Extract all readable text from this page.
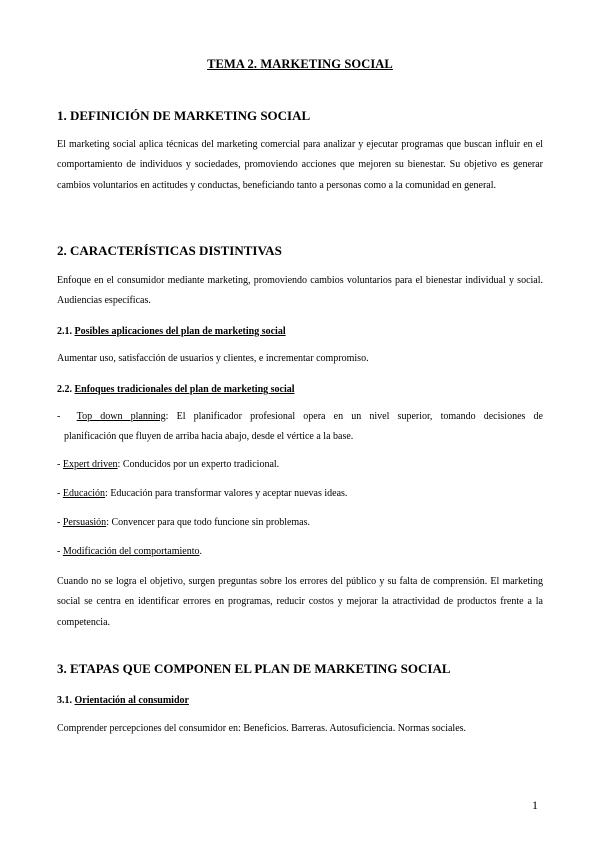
TEMA 2. MARKETING SOCIAL
1. DEFINICIÓN DE MARKETING SOCIAL

El marketing social aplica técnicas del marketing comercial para analizar y ejecutar programas que buscan influir en el comportamiento de individuos y sociedades, promoviendo acciones que mejoren su bienestar. Su objetivo es generar cambios voluntarios en actitudes y conductas, beneficiando tanto a personas como a la comunidad en general.

2. CARACTERÍSTICAS DISTINTIVAS

Enfoque en el consumidor mediante marketing, promoviendo cambios voluntarios para el bienestar individual y social. Audiencias específicas.

2.1. Posibles aplicaciones del plan de marketing social

Aumentar uso, satisfacción de usuarios y clientes, e incrementar compromiso.

2.2. Enfoques tradicionales del plan de marketing social
- Top down planning: El planificador profesional opera en un nivel superior, tomando decisiones de
planificación que fluyen de arriba hacia abajo, desde el vértice a la base.
- Expert driven: Conducidos por un experto tradicional.
- Educación: Educación para transformar valores y aceptar nuevas ideas.
- Persuasión: Convencer para que todo funcione sin problemas.
- Modificación del comportamiento.

Cuando no se logra el objetivo, surgen preguntas sobre los errores del público y su falta de comprensión. El marketing social se centra en identificar errores en programas, reducir costos y mejorar la atractividad de productos frente a la competencia.

3. ETAPAS QUE COMPONEN EL PLAN DE MARKETING SOCIAL
3.1. Orientación al consumidor

Comprender percepciones del consumidor en: Beneficios. Barreras. Autosuficiencia. Normas sociales.

1
